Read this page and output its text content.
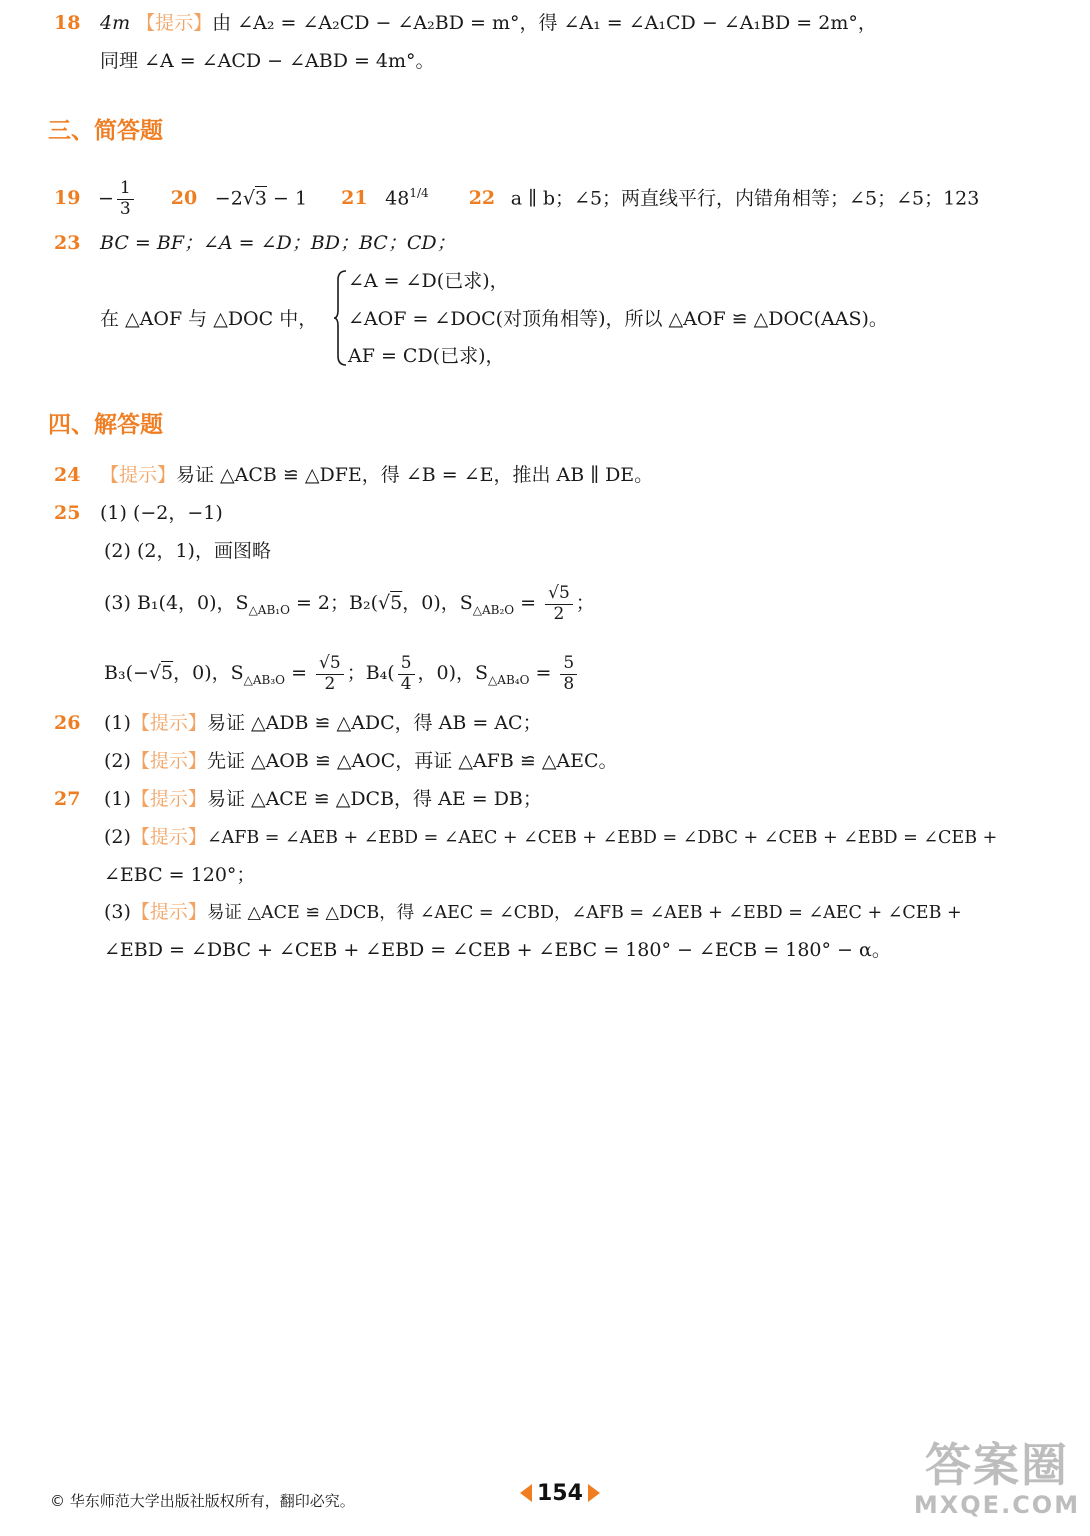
18 4m 【提示】由 ∠A₂ = ∠A₂CD − ∠A₂BD = m°，得 ∠A₁ = ∠A₁CD − ∠A₁BD = 2m°，
同理 ∠A = ∠ACD − ∠ABD = 4m°。
三、简答题
$19 - \frac{1}{3} 20 -2√3 - 1$ 21 $48^{1/4}$ 22 a ∥ b；∠5；两直线平行，内错角相等；∠5；∠5；123
23 BC = BF；∠A = ∠D；BD；BC；CD；
在 △AOF 与 △DOC 中，
∠A = ∠D(已求)，
∠AOF = ∠DOC(对顶角相等)，所以 △AOF ≌ △DOC(AAS)。
AF = CD(已求)，
四、解答题
24 【提示】易证 △ACB ≌ △DFE，得 ∠B = ∠E，推出 AB ∥ DE。
25 (1) (−2，−1)
(2) (2，1)，画图略
(3) B₁(4，0)，$S_{\triangle AB_1O} = 2$；B₂(√5，0)，$S_{\triangle AB_2O} = \frac{√5}{2}$ ；
B₃(−√5，0)，$S_{\triangle AB_3O} = \frac{√5}{2}$ ；$B_4( \frac{5}{4}$ ，0)，$S_{\triangle AB_4O} = \frac{5}{8}$
26 (1)【提示】易证 △ADB ≌ △ADC，得 AB = AC；
(2)【提示】先证 △AOB ≌ △AOC，再证 △AFB ≌ △AEC。
27 (1)【提示】易证 △ACE ≌ △DCB，得 AE = DB；
(2)【提示】∠AFB = ∠AEB + ∠EBD = ∠AEC + ∠CEB + ∠EBD = ∠DBC + ∠CEB + ∠EBD = ∠CEB +
∠EBC = 120°；
(3)【提示】易证 △ACE ≌ △DCB，得 ∠AEC = ∠CBD，∠AFB = ∠AEB + ∠EBD = ∠AEC + ∠CEB +
∠EBD = ∠DBC + ∠CEB + ∠EBD = ∠CEB + ∠EBC = 180° − ∠ECB = 180° − α。
© 华东师范大学出版社版权所有，翻印必究。	154
答案圈
MXQE.COM
